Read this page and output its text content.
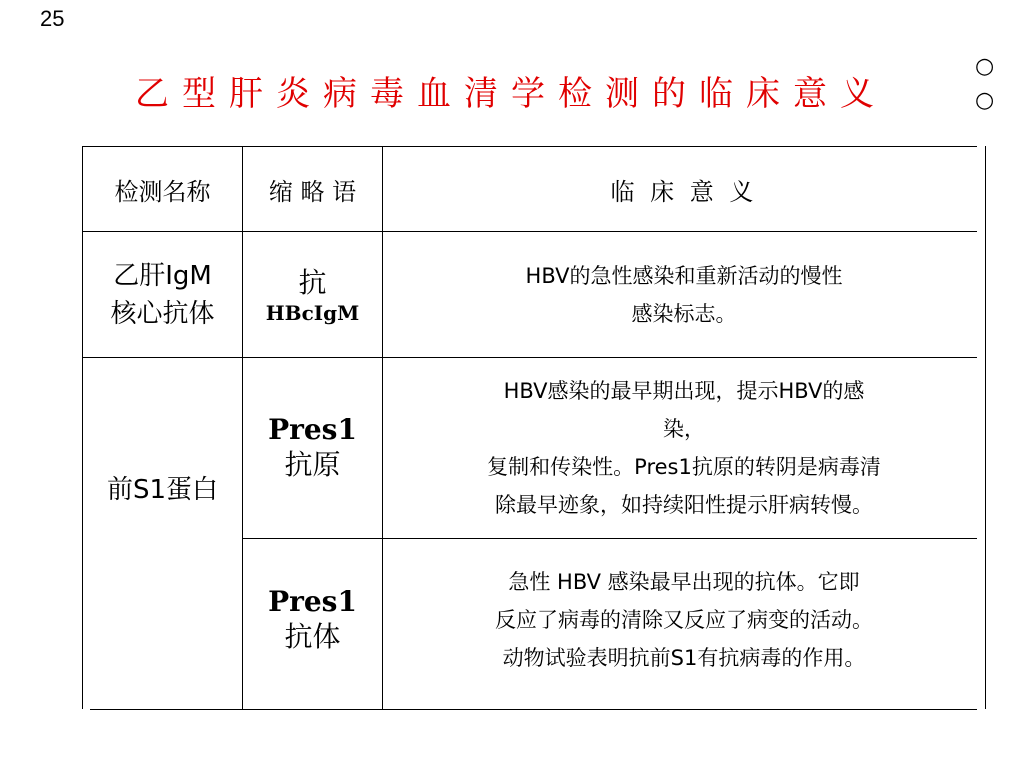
25
乙型肝炎病毒血清学检测的临床意义
○
○
检测名称 缩 略 语	临 床 意 义
乙肝IgM
核心抗体
抗
HBcIgM
HBV的急性感染和重新活动的慢性
感染标志。
前S1蛋白
Pres1
抗原
HBV感染的最早期出现，提示HBV的感
染，
复制和传染性。Pres1抗原的转阴是病毒清
除最早迹象，如持续阳性提示肝病转慢。
Pres1
抗体
急性 HBV 感染最早出现的抗体。它即
反应了病毒的清除又反应了病变的活动。
动物试验表明抗前S1有抗病毒的作用。
